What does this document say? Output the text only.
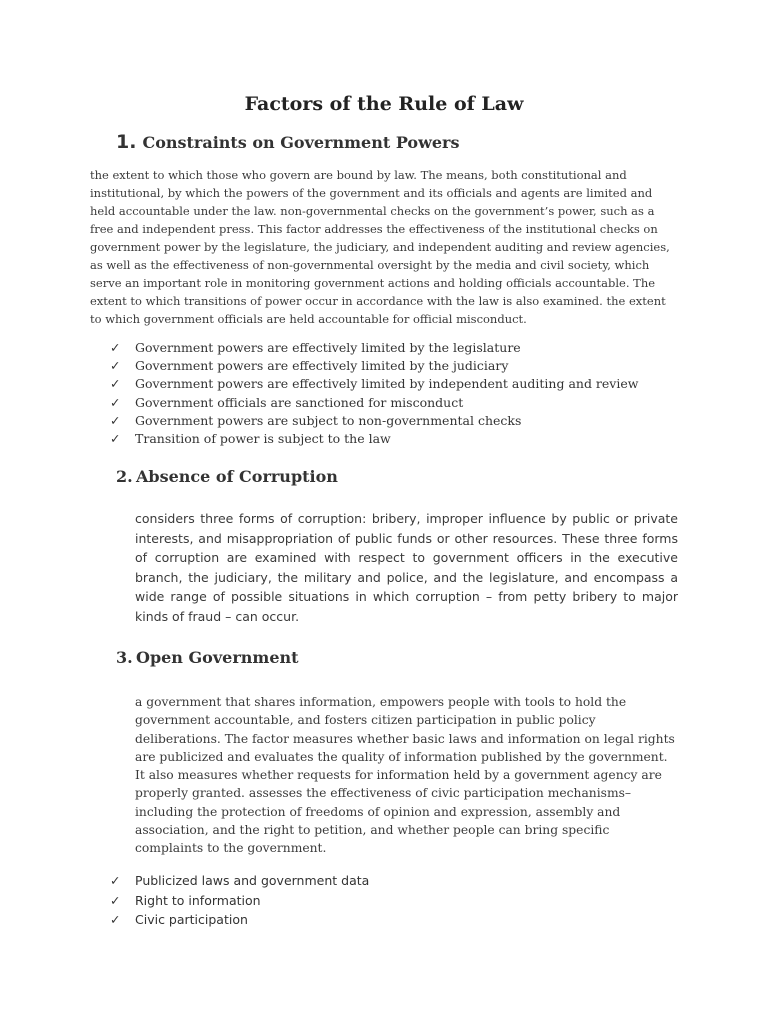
Factors of the Rule of Law
1. Constraints on Government Powers

the extent to which those who govern are bound by law. The means, both constitutional and institutional, by which the powers of the government and its officials and agents are limited and held accountable under the law. non-governmental checks on the government’s power, such as a free and independent press. This factor addresses the effectiveness of the institutional checks on government power by the legislature, the judiciary, and independent auditing and review agencies, as well as the effectiveness of non-governmental oversight by the media and civil society, which serve an important role in monitoring government actions and holding officials accountable. The extent to which transitions of power occur in accordance with the law is also examined. the extent to which government officials are held accountable for official misconduct.

✓ Government powers are effectively limited by the legislature
✓ Government powers are effectively limited by the judiciary
✓ Government powers are effectively limited by independent auditing and review
✓ Government officials are sanctioned for misconduct
✓ Government powers are subject to non-governmental checks
✓ Transition of power is subject to the law
2. Absence of Corruption

considers three forms of corruption: bribery, improper influence by public or private interests, and misappropriation of public funds or other resources. These three forms of corruption are examined with respect to government officers in the executive branch, the judiciary, the military and police, and the legislature, and encompass a wide range of possible situations in which corruption – from petty bribery to major kinds of fraud – can occur.

3. Open Government

a government that shares information, empowers people with tools to hold the government accountable, and fosters citizen participation in public policy deliberations. The factor measures whether basic laws and information on legal rights are publicized and evaluates the quality of information published by the government. It also measures whether requests for information held by a government agency are properly granted. assesses the effectiveness of civic participation mechanisms–including the protection of freedoms of opinion and expression, assembly and association, and the right to petition, and whether people can bring specific complaints to the government.

✓ Publicized laws and government data
✓ Right to information
✓ Civic participation
